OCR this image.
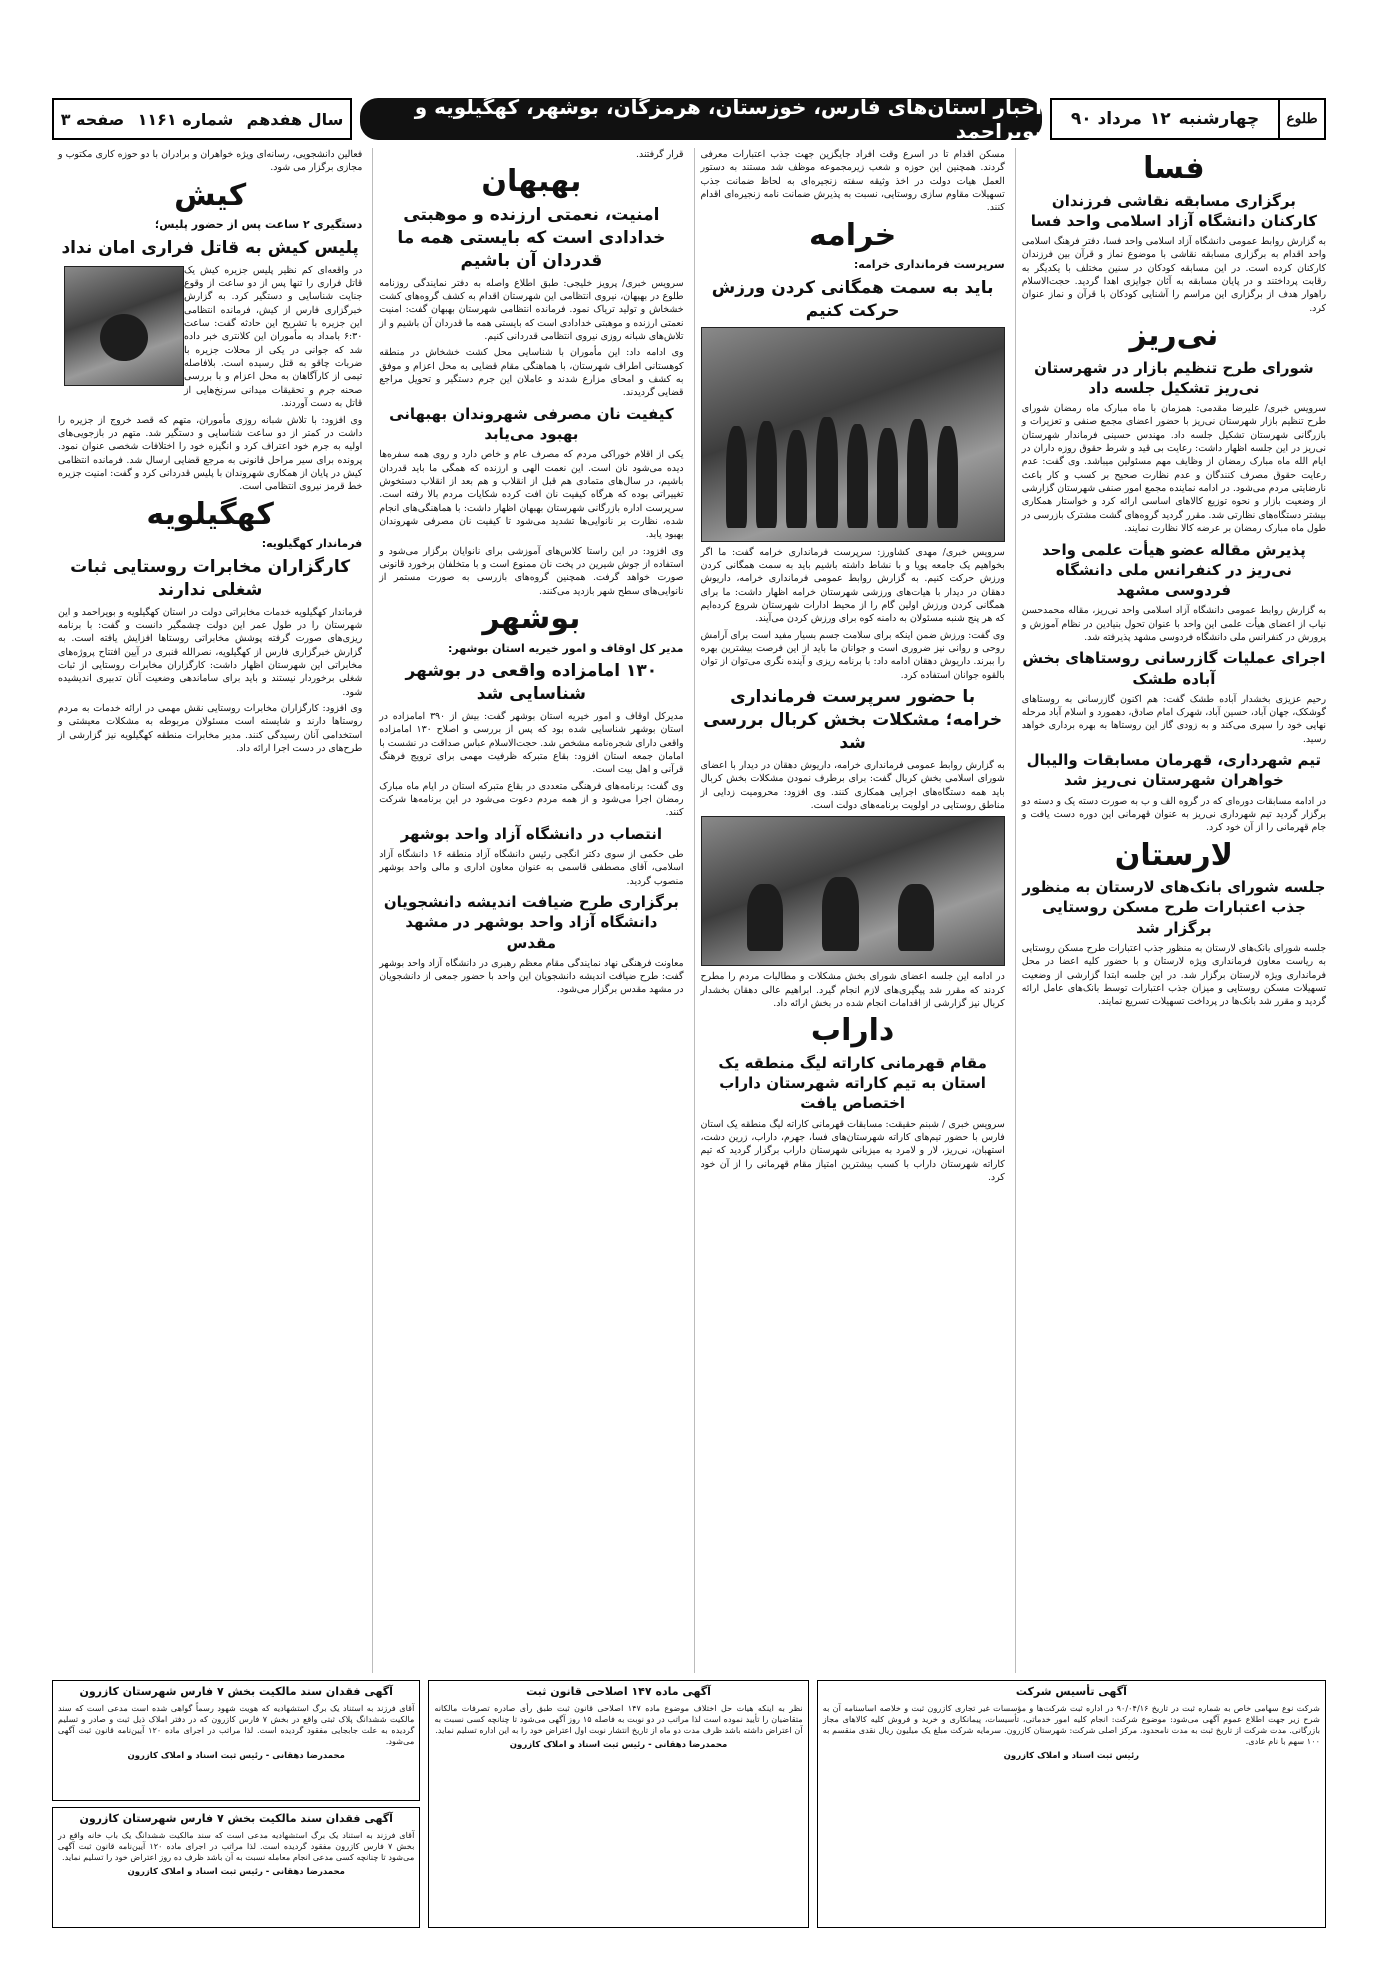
طلوع
چهارشنبه
۱۲
مرداد ۹۰
اخبار استان‌های فارس، خوزستان، هرمزگان، بوشهر، کهگیلویه و بویراحمد
سال هفدهم
شماره ۱۱۶۱
صفحه ۳
فسا
برگزاری مسابقه نقاشی فرزندان کارکنان دانشگاه آزاد اسلامی واحد فسا

به گزارش روابط عمومی دانشگاه آزاد اسلامی واحد فسا، دفتر فرهنگ اسلامی واحد اقدام به برگزاری مسابقه نقاشی با موضوع نماز و قرآن بین فرزندان کارکنان کرده است. در این مسابقه کودکان در سنین مختلف با یکدیگر به رقابت پرداختند و در پایان مسابقه به آثان جوایزی اهدا گردید. حجت‌الاسلام راهوار هدف از برگزاری این مراسم را آشنایی کودکان با قرآن و نماز عنوان کرد.

نی‌ریز
شورای طرح تنظیم بازار در شهرستان نی‌ریز تشکیل جلسه داد

سرویس خبری/ علیرضا مقدمی: همزمان با ماه مبارک ماه رمضان شورای طرح تنظیم بازار شهرستان نی‌ریز با حضور اعضای مجمع صنفی و تعزیرات و بازرگانی شهرستان تشکیل جلسه داد. مهندس حسینی فرماندار شهرستان نی‌ریز در این جلسه اظهار داشت: رعایت بی قید و شرط حقوق روزه داران در ایام الله ماه مبارک رمضان از وظایف مهم مسئولین میباشد. وی گفت: عدم رعایت حقوق مصرف کنندگان و عدم نظارت صحیح بر کسب و کار باعث نارضایتی مردم می‌شود. در ادامه نماینده مجمع امور صنفی شهرستان گزارشی از وضعیت بازار و نحوه توزیع کالاهای اساسی ارائه کرد و خواستار همکاری بیشتر دستگاه‌های نظارتی شد. مقرر گردید گروه‌های گشت مشترک بازرسی در طول ماه مبارک رمضان بر عرضه کالا نظارت نمایند.

پذیرش مقاله عضو هیأت علمی واحد نی‌ریز در کنفرانس ملی دانشگاه فردوسی مشهد

به گزارش روابط عمومی دانشگاه آزاد اسلامی واحد نی‌ریز، مقاله محمدحسن نیاب از اعضای هیأت علمی این واحد با عنوان تحول بنیادین در نظام آموزش و پرورش در کنفرانس ملی دانشگاه فردوسی مشهد پذیرفته شد.

اجرای عملیات گازرسانی روستاهای بخش آباده طشک

رحیم عزیزی بخشدار آباده طشک گفت: هم اکنون گازرسانی به روستاهای گوشکک، جهان آباد، حسین آباد، شهرک امام صادق، دهمورد و اسلام آباد مرحله نهایی خود را سپری می‌کند و به زودی گاز این روستاها به بهره برداری خواهد رسید.

تیم شهرداری، قهرمان مسابقات والیبال خواهران شهرستان نی‌ریز شد

در ادامه مسابقات دوره‌ای که در گروه الف و ب به صورت دسته یک و دسته دو برگزار گردید تیم شهرداری نی‌ریز به عنوان قهرمانی این دوره دست یافت و جام قهرمانی را از آن خود کرد.

لارستان
جلسه شورای بانک‌های لارستان به منظور جذب اعتبارات طرح مسکن روستایی برگزار شد

جلسه شورای بانک‌های لارستان به منظور جذب اعتبارات طرح مسکن روستایی به ریاست معاون فرمانداری ویژه لارستان و با حضور کلیه اعضا در محل فرمانداری ویژه لارستان برگزار شد. در این جلسه ابتدا گزارشی از وضعیت تسهیلات مسکن روستایی و میزان جذب اعتبارات توسط بانک‌های عامل ارائه گردید و مقرر شد بانک‌ها در پرداخت تسهیلات تسریع نمایند.

مسکن اقدام تا در اسرع وقت افراد جایگزین جهت جذب اعتبارات معرفی گردند. همچنین این حوزه و شعب زیرمجموعه موظف شد مستند به دستور العمل هیات دولت در اخذ وثیقه سفته زنجیره‌ای به لحاظ ضمانت جذب تسهیلات مقاوم سازی روستایی، نسبت به پذیرش ضمانت نامه زنجیره‌ای اقدام کنند.

خرامه
سرپرست فرمانداری خرامه:
باید به سمت همگانی کردن ورزش حرکت کنیم

سرویس خبری/ مهدی کشاورز: سرپرست فرمانداری خرامه گفت: ما اگر بخواهیم یک جامعه پویا و با نشاط داشته باشیم باید به سمت همگانی کردن ورزش حرکت کنیم. به گزارش روابط عمومی فرمانداری خرامه، داریوش دهقان در دیدار با هیات‌های ورزشی شهرستان خرامه اظهار داشت: ما برای همگانی کردن ورزش اولین گام را از محیط ادارات شهرستان شروع کرده‌ایم که هر پنج شنبه مسئولان به دامنه کوه برای ورزش کردن می‌آیند.

وی گفت: ورزش ضمن اینکه برای سلامت جسم بسیار مفید است برای آرامش روحی و روانی نیز ضروری است و جوانان ما باید از این فرصت بیشترین بهره را ببرند. داریوش دهقان ادامه داد: با برنامه ریزی و آینده نگری می‌توان از توان بالقوه جوانان استفاده کرد.

با حضور سرپرست فرمانداری خرامه؛ مشکلات بخش کربال بررسی شد

به گزارش روابط عمومی فرمانداری خرامه، داریوش دهقان در دیدار با اعضای شورای اسلامی بخش کربال گفت: برای برطرف نمودن مشکلات بخش کربال باید همه دستگاه‌های اجرایی همکاری کنند. وی افزود: محرومیت زدایی از مناطق روستایی در اولویت برنامه‌های دولت است.

در ادامه این جلسه اعضای شورای بخش مشکلات و مطالبات مردم را مطرح کردند که مقرر شد پیگیری‌های لازم انجام گیرد. ابراهیم عالی دهقان بخشدار کربال نیز گزارشی از اقدامات انجام شده در بخش ارائه داد.

داراب
مقام قهرمانی کاراته لیگ منطقه یک استان به تیم کاراته شهرستان داراب اختصاص یافت

سرویس خبری / شبنم حقیقت: مسابقات قهرمانی کاراته لیگ منطقه یک استان فارس با حضور تیم‌های کاراته شهرستان‌های فسا، جهرم، داراب، زرین دشت، استهبان، نی‌ریز، لار و لامرد به میزبانی شهرستان داراب برگزار گردید که تیم کاراته شهرستان داراب با کسب بیشترین امتیاز مقام قهرمانی را از آن خود کرد.

قرار گرفتند.

بهبهان
امنیت، نعمتی ارزنده و موهبتی خدادادی است که بایستی همه ما قدردان آن باشیم

سرویس خبری/ پرویز خلیجی: طبق اطلاع واصله به دفتر نمایندگی روزنامه طلوع در بهبهان، نیروی انتظامی این شهرستان اقدام به کشف گروه‌های کشت خشخاش و تولید تریاک نمود. فرمانده انتظامی شهرستان بهبهان گفت: امنیت نعمتی ارزنده و موهبتی خدادادی است که بایستی همه ما قدردان آن باشیم و از تلاش‌های شبانه روزی نیروی انتظامی قدردانی کنیم.

وی ادامه داد: این مأموران با شناسایی محل کشت خشخاش در منطقه کوهستانی اطراف شهرستان، با هماهنگی مقام قضایی به محل اعزام و موفق به کشف و امحای مزارع شدند و عاملان این جرم دستگیر و تحویل مراجع قضایی گردیدند.

کیفیت نان مصرفی شهروندان بهبهانی بهبود می‌یابد

یکی از اقلام خوراکی مردم که مصرف عام و خاص دارد و روی همه سفره‌ها دیده می‌شود نان است. این نعمت الهی و ارزنده که همگی ما باید قدردان باشیم، در سال‌های متمادی هم قبل از انقلاب و هم بعد از انقلاب دستخوش تغییراتی بوده که هرگاه کیفیت نان افت کرده شکایات مردم بالا رفته است. سرپرست اداره بازرگانی شهرستان بهبهان اظهار داشت: با هماهنگی‌های انجام شده، نظارت بر نانوایی‌ها تشدید می‌شود تا کیفیت نان مصرفی شهروندان بهبود یابد.

وی افزود: در این راستا کلاس‌های آموزشی برای نانوایان برگزار می‌شود و استفاده از جوش شیرین در پخت نان ممنوع است و با متخلفان برخورد قانونی صورت خواهد گرفت. همچنین گروه‌های بازرسی به صورت مستمر از نانوایی‌های سطح شهر بازدید می‌کنند.

بوشهر
مدیر کل اوقاف و امور خیریه استان بوشهر:
۱۳۰ امامزاده واقعی در بوشهر شناسایی شد

مدیرکل اوقاف و امور خیریه استان بوشهر گفت: بیش از ۳۹۰ امامزاده در استان بوشهر شناسایی شده بود که پس از بررسی و اصلاح ۱۳۰ امامزاده واقعی دارای شجره‌نامه مشخص شد. حجت‌الاسلام عباس صداقت در نشست با امامان جمعه استان افزود: بقاع متبرکه ظرفیت مهمی برای ترویج فرهنگ قرآنی و اهل بیت است.

وی گفت: برنامه‌های فرهنگی متعددی در بقاع متبرکه استان در ایام ماه مبارک رمضان اجرا می‌شود و از همه مردم دعوت می‌شود در این برنامه‌ها شرکت کنند.

انتصاب در دانشگاه آزاد واحد بوشهر

طی حکمی از سوی دکتر انگجی رئیس دانشگاه آزاد منطقه ۱۶ دانشگاه آزاد اسلامی، آقای مصطفی قاسمی به عنوان معاون اداری و مالی واحد بوشهر منصوب گردید.

برگزاری طرح ضیافت اندیشه دانشجویان دانشگاه آزاد واحد بوشهر در مشهد مقدس

معاونت فرهنگی نهاد نمایندگی مقام معظم رهبری در دانشگاه آزاد واحد بوشهر گفت: طرح ضیافت اندیشه دانشجویان این واحد با حضور جمعی از دانشجویان در مشهد مقدس برگزار می‌شود.

فعالین دانشجویی، رسانه‌ای ویژه خواهران و برادران با دو حوزه کاری مکتوب و مجازی برگزار می‌ شود.

کیش
دستگیری ۲ ساعت پس از حضور پلیس؛
پلیس کیش به قاتل فراری امان نداد

در واقعه‌ای کم نظیر پلیس جزیره کیش یک قاتل فراری را تنها پس از دو ساعت از وقوع جنایت شناسایی و دستگیر کرد. به گزارش خبرگزاری فارس از کیش، فرمانده انتظامی این جزیره با تشریح این حادثه گفت: ساعت ۶:۳۰ بامداد به مأموران این کلانتری خبر داده شد که جوانی در یکی از محلات جزیره با ضربات چاقو به قتل رسیده است. بلافاصله تیمی از کارآگاهان به محل اعزام و با بررسی صحنه جرم و تحقیقات میدانی سرنخ‌هایی از قاتل به دست آوردند.

وی افزود: با تلاش شبانه روزی مأموران، متهم که قصد خروج از جزیره را داشت در کمتر از دو ساعت شناسایی و دستگیر شد. متهم در بازجویی‌های اولیه به جرم خود اعتراف کرد و انگیزه خود را اختلافات شخصی عنوان نمود. پرونده برای سیر مراحل قانونی به مرجع قضایی ارسال شد. فرمانده انتظامی کیش در پایان از همکاری شهروندان با پلیس قدردانی کرد و گفت: امنیت جزیره خط قرمز نیروی انتظامی است.

کهگیلویه
فرماندار کهگیلویه:
کارگزاران مخابرات روستایی ثبات شغلی ندارند

فرماندار کهگیلویه خدمات مخابراتی دولت در استان کهگیلویه و بویراحمد و این شهرستان را در طول عمر این دولت چشمگیر دانست و گفت: با برنامه ریزی‌های صورت گرفته پوشش مخابراتی روستاها افزایش یافته است. به گزارش خبرگزاری فارس از کهگیلویه، نصرالله قنبری در آیین افتتاح پروژه‌های مخابراتی این شهرستان اظهار داشت: کارگزاران مخابرات روستایی از ثبات شغلی برخوردار نیستند و باید برای ساماندهی وضعیت آنان تدبیری اندیشیده شود.

وی افزود: کارگزاران مخابرات روستایی نقش مهمی در ارائه خدمات به مردم روستاها دارند و شایسته است مسئولان مربوطه به مشکلات معیشتی و استخدامی آنان رسیدگی کنند. مدیر مخابرات منطقه کهگیلویه نیز گزارشی از طرح‌های در دست اجرا ارائه داد.

آگهی تأسیس شرکت
شرکت نوع سهامی خاص به شماره ثبت در تاریخ ۹۰/۰۴/۱۶ در اداره ثبت شرکت‌ها و مؤسسات غیر تجاری کازرون ثبت و خلاصه اساسنامه آن به شرح زیر جهت اطلاع عموم آگهی می‌شود: موضوع شرکت: انجام کلیه امور خدماتی، تأسیسات، پیمانکاری و خرید و فروش کلیه کالاهای مجاز بازرگانی. مدت شرکت از تاریخ ثبت به مدت نامحدود. مرکز اصلی شرکت: شهرستان کازرون. سرمایه شرکت مبلغ یک میلیون ریال نقدی منقسم به ۱۰۰ سهم با نام عادی.
رئیس ثبت اسناد و املاک کازرون
آگهی ماده ۱۴۷ اصلاحی قانون ثبت
نظر به اینکه هیات حل اختلاف موضوع ماده ۱۴۷ اصلاحی قانون ثبت طبق رأی صادره تصرفات مالکانه متقاضیان را تأیید نموده است لذا مراتب در دو نوبت به فاصله ۱۵ روز آگهی می‌شود تا چنانچه کسی نسبت به آن اعتراض داشته باشد ظرف مدت دو ماه از تاریخ انتشار نوبت اول اعتراض خود را به این اداره تسلیم نماید.
محمدرضا دهقانی - رئیس ثبت اسناد و املاک کازرون
آگهی فقدان سند مالکیت بخش ۷ فارس شهرستان کازرون
آقای فرزند به استناد یک برگ استشهادیه که هویت شهود رسماً گواهی شده است مدعی است که سند مالکیت ششدانگ پلاک ثبتی واقع در بخش ۷ فارس کازرون که در دفتر املاک ذیل ثبت و صادر و تسلیم گردیده به علت جابجایی مفقود گردیده است. لذا مراتب در اجرای ماده ۱۲۰ آیین‌نامه قانون ثبت آگهی می‌شود.
محمدرضا دهقانی - رئیس ثبت اسناد و املاک کازرون
آگهی فقدان سند مالکیت بخش ۷ فارس شهرستان کازرون
آقای فرزند به استناد یک برگ استشهادیه مدعی است که سند مالکیت ششدانگ یک باب خانه واقع در بخش ۷ فارس کازرون مفقود گردیده است. لذا مراتب در اجرای ماده ۱۲۰ آیین‌نامه قانون ثبت آگهی می‌شود تا چنانچه کسی مدعی انجام معامله نسبت به آن باشد ظرف ده روز اعتراض خود را تسلیم نماید.
محمدرضا دهقانی - رئیس ثبت اسناد و املاک کازرون
